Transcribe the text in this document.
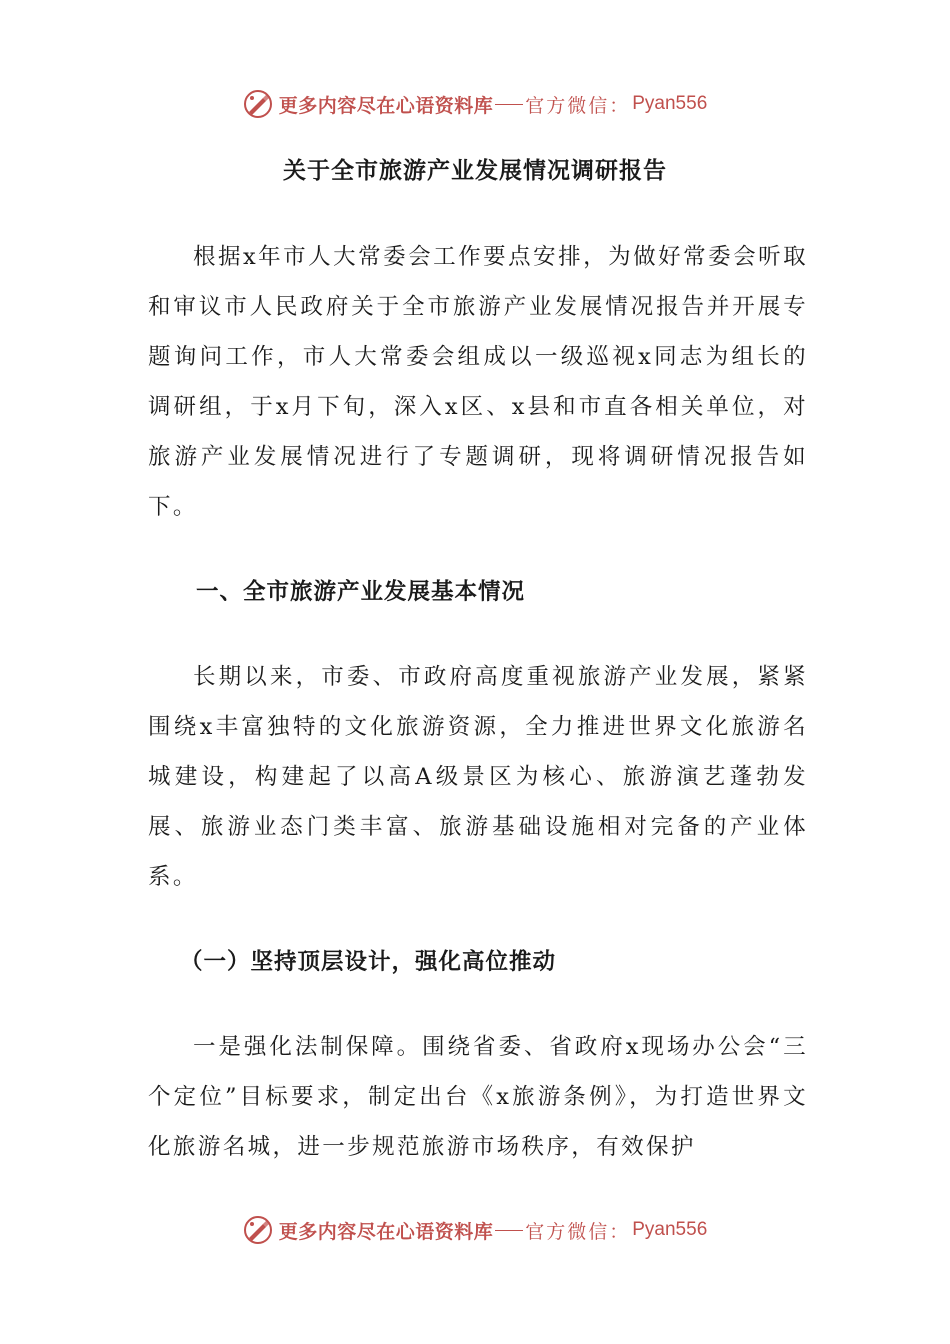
更多内容尽在心语资料库 官方微信： Pyan556
关于全市旅游产业发展情况调研报告

根据x年市人大常委会工作要点安排，为做好常委会听取和审议市人民政府关于全市旅游产业发展情况报告并开展专题询问工作，市人大常委会组成以一级巡视x同志为组长的调研组，于x月下旬，深入x区、x县和市直各相关单位，对旅游产业发展情况进行了专题调研，现将调研情况报告如下。

一、全市旅游产业发展基本情况

长期以来，市委、市政府高度重视旅游产业发展，紧紧围绕x丰富独特的文化旅游资源，全力推进世界文化旅游名城建设，构建起了以高A级景区为核心、旅游演艺蓬勃发展、旅游业态门类丰富、旅游基础设施相对完备的产业体系。

（一）坚持顶层设计，强化高位推动

一是强化法制保障。围绕省委、省政府x现场办公会“三个定位”目标要求，制定出台《x旅游条例》，为打造世界文化旅游名城，进一步规范旅游市场秩序，有效保护

更多内容尽在心语资料库 官方微信： Pyan556
